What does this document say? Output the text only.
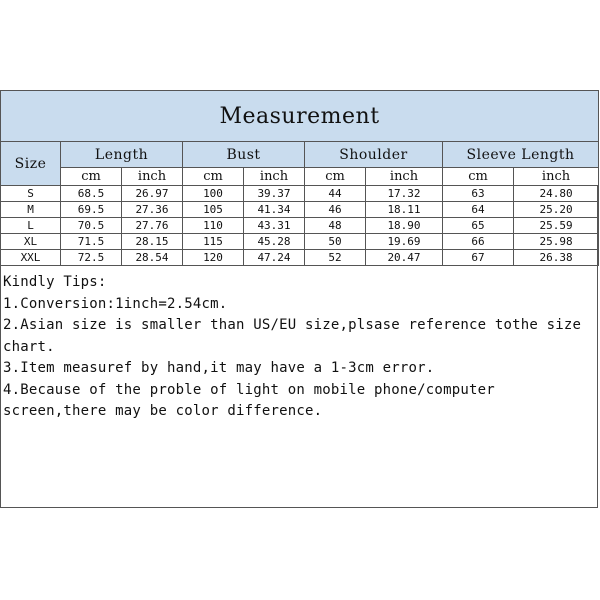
Measurement								
Size	Length		Bust		Shoulder		Sleeve Length	
	cm	inch	cm	inch	cm	inch	cm	inch
S	68.5	26.97	100	39.37	44	17.32	63	24.80
M	69.5	27.36	105	41.34	46	18.11	64	25.20
L	70.5	27.76	110	43.31	48	18.90	65	25.59
XL	71.5	28.15	115	45.28	50	19.69	66	25.98
XXL	72.5	28.54	120	47.24	52	20.47	67	26.38
Kindly Tips:
1.Conversion:1inch=2.54cm.
2.Asian size is smaller than US/EU size,plsase reference tothe size chart.
3.Item measuref by hand,it may have a 1-3cm error.
4.Because of the proble of light on mobile phone/computer screen,there may be color difference.
